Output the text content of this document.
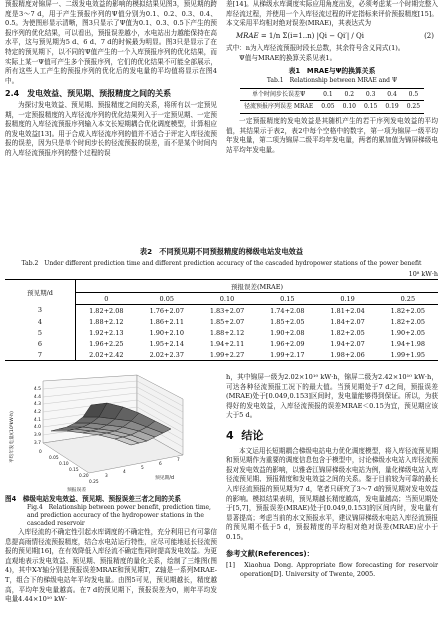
预报精度对锦屏一、二级发电效益的影响的模拟结果见图3，预见期的跨度是3～7 d，用于产生预报序列的Ψ值分别为0.1、0.2、0.3、0.4、0.5。为使图形显示清晰，图3只显示了Ψ值为0.1、0.3、0.5下产生的预报序列的优化结果，可以看出，预报误差越小，水电站出力越能保持在高水平，这与预见期为5 d、6 d、7 d的时候最为明显。图3只是显示了在特定的预见期下，以不同的Ψ值产生的一个入库预报序列的优化结果，而实际上某一Ψ值可产生多个预报序列，它们的优化结果不可能全部展示，所有这些人工产生的预报序列的优化后的发电量的平均值将显示在图4中。

2.4　发电效益、预见期、预报精度之间的关系

为探讨发电效益、预见期、预报精度之间的关系，将所有以一定预见期，一定预报精度的入库径流序列的优化结果列入于一定预见期、一定预报精度的入库径流预报序列输入本文长短期耦合优化调度模型，计算相应的发电效益[13]。用于合成入库径流序列的值并不适合于评定入库径流预报的误差，因为只是单个时间步长的径流预报的误差，而不是某个时间内的入库径流预报序列的整个过程的误

差[14]。从梯级水库调度实际应用角度出发，必须考虑某一个时期完整入库径流过程，并使用一个入库径流过程的评定指标来评价预报精度[15]。本文采用平均相对绝对误差(MRAE)，其表达式为

MRAE = 1/n Σ(i=1..n) |Qi − Qi′| / Qi	(2)

式中：n为入库径流预报时段长总数，其余符号含义同式(1)。

Ψ值与MRAE的换算关系见表1。

表1　MRAE与Ψ的换算关系
Tab.1　Relationship between MRAE and Ψ
单个时间步长误差Ψ	0.1	0.2	0.3	0.4	0.5
径流预报序列误差 MRAE	0.05	0.10	0.15	0.19	0.25

一定预报精度的发电效益是其随机产生的若干序列发电效益的平均值，其结果示于表2，表2中每个空格中的数字，第一项为锦屏一级平均年发电量，第二项为锦屏二级平均年发电量，两者的累加值为锦屏梯级电站平均年发电量。

表2　不同预见期不同预报精度的梯级电站发电效益
Tab.2　Under different prediction time and different prediction accuracy of the cascaded hydropower stations of the power benefit
10⁸ kW·h
预见期/d	预报误差(MRAE)					
	0	0.05	0.10	0.15	0.19	0.25
3	1.82+2.08	1.76+2.07	1.83+2.07	1.74+2.08	1.81+2.04	1.82+2.05
4	1.88+2.12	1.86+2.11	1.85+2.07	1.85+2.05	1.84+2.07	1.82+2.05
5	1.92+2.13	1.90+2.10	1.88+2.12	1.90+2.08	1.82+2.05	1.90+2.05
6	1.96+2.25	1.95+2.14	1.94+2.11	1.96+2.09	1.94+2.07	1.94+1.98
7	2.02+2.42	2.02+2.37	1.99+2.27	1.99+2.17	1.98+2.06	1.99+1.95
4.5
4.4
4.3
4.2
4.1
4.0
3.9
3.7
平均年发电量/(10⁸kW·h)	0
0.05
0.10
0.15
0.20
0.25
预报误差
3
4
5
6
7
预见期/d
图4　梯级电站发电效益、预见期、预报误差三者之间的关系
Fig.4　Relationship between power benefit, prediction time, and prediction accuracy of the hydropower stations in the cascaded reservoir

入库径流的不确定性引起水库调度的不确定性，充分利用已有可靠信息提高雨情径流预报精度，结合水电站运行特性，应尽可能地延长径流预报的预见期[16]，在有效降低入库径流不确定性同时提高发电效益。为更直观地表示发电效益、预见期、预报精度的量化关系，绘制了三维图(图4)，其中X-Y轴分别是预报误差MRAE和预见期T，Z轴是一系列MRAE-T，组合下的梯级电站年平均发电量。由图5可见，预见期越长，精度越高，平均年发电量越高。在7 d的预见期下，预报误差为0，则年平均发电量4.44×10¹⁰ kW·

h，其中锦屏一级为2.02×10¹⁰ kW·h，锦屏二级为2.42×10¹⁰ kW·h，可达各种径流预报工况下的最大值。当预见期处于7 d之间，预报误差(MRAE)处于[0.049,0.153]区间时，发电量能够得到保证。所以，为获得好的发电效益，入库径流预报的误差MRAE＜0.15为宜，预见期应该大于5 d。

4 结论

本文运用长短期耦合梯级电站电力优化调度模型，将入库径流预见期和预见期作为重要的调度信息包含于模型中，讨论梯级水电站入库径流预报对发电效益的影响，以雅砻江锦屏梯级水电站为例，量化梯级电站入库径流预见期、预报精度和发电效益之间的关系。鉴于目前较为可靠的最长入库径流预报的预见期为7 d，笔者只研究了3～7 d的预见期对发电效益的影响。模拟结果表明，预见期越长精度越高，发电量越高；当预见期处于[5,7]，预报误差(MRAE)处于[0.049,0.153]的区间内时，发电量有显著提高；考虑当前的水文预报水平，建议锦屏梯级水电站入库径流预报的预见期不低于5 d，预报精度的平均相对绝对误差(MRAE)应小于0.15。

参考文献(References)：
[1]　Xiaohua Dong. Appropriate flow forecasting for reservoir operation[D]. University of Twente, 2005.
